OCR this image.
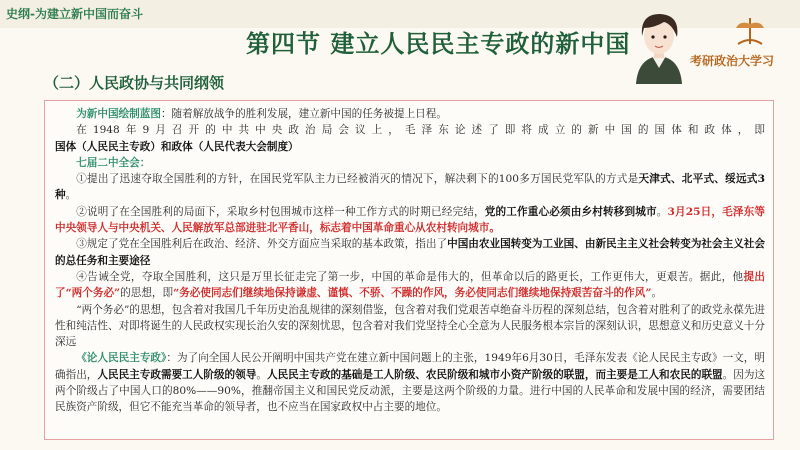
史纲-为建立新中国而奋斗
第四节 建立人民民主专政的新中国
考研政治大学习
（二）人民政协与共同纲领

为新中国绘制蓝图：随着解放战争的胜利发展，建立新中国的任务被提上日程。

在1948年9月召开的中共中央政治局会议上，毛泽东论述了即将成立的新中国的国体和政体，即国体（人民民主专政）和政体（人民代表大会制度）

七届二中全会：

①提出了迅速夺取全国胜利的方针，在国民党军队主力已经被消灭的情况下，解决剩下的100多万国民党军队的方式是天津式、北平式、绥远式3种。

②说明了在全国胜利的局面下，采取乡村包围城市这样一种工作方式的时期已经完结，党的工作重心必须由乡村转移到城市。3月25日，毛泽东等中央领导人与中央机关、人民解放军总部进驻北平香山，标志着中国革命重心从农村转向城市。

③规定了党在全国胜利后在政治、经济、外交方面应当采取的基本政策，指出了中国由农业国转变为工业国、由新民主主义社会转变为社会主义社会的总任务和主要途径

④告诫全党，夺取全国胜利，这只是万里长征走完了第一步，中国的革命是伟大的，但革命以后的路更长，工作更伟大，更艰苦。据此，他提出了“两个务必”的思想，即“务必使同志们继续地保持谦虚、谨慎、不骄、不躁的作风，务必使同志们继续地保持艰苦奋斗的作风”。

“两个务必”的思想，包含着对我国几千年历史治乱规律的深刻借鉴，包含着对我们党艰苦卓绝奋斗历程的深刻总结，包含着对胜利了的政党永葆先进性和纯洁性、对即将诞生的人民政权实现长治久安的深刻忧思，包含着对我们党坚持全心全意为人民服务根本宗旨的深刻认识，思想意义和历史意义十分深远

《论人民民主专政》：为了向全国人民公开阐明中国共产党在建立新中国问题上的主张，1949年6月30日，毛泽东发表《论人民民主专政》一文，明确指出，人民民主专政需要工人阶级的领导。人民民主专政的基础是工人阶级、农民阶级和城市小资产阶级的联盟，而主要是工人和农民的联盟。因为这两个阶级占了中国人口的80%——90%，推翻帝国主义和国民党反动派，主要是这两个阶级的力量。进行中国的人民革命和发展中国的经济，需要团结民族资产阶级，但它不能充当革命的领导者，也不应当在国家政权中占主要的地位。
